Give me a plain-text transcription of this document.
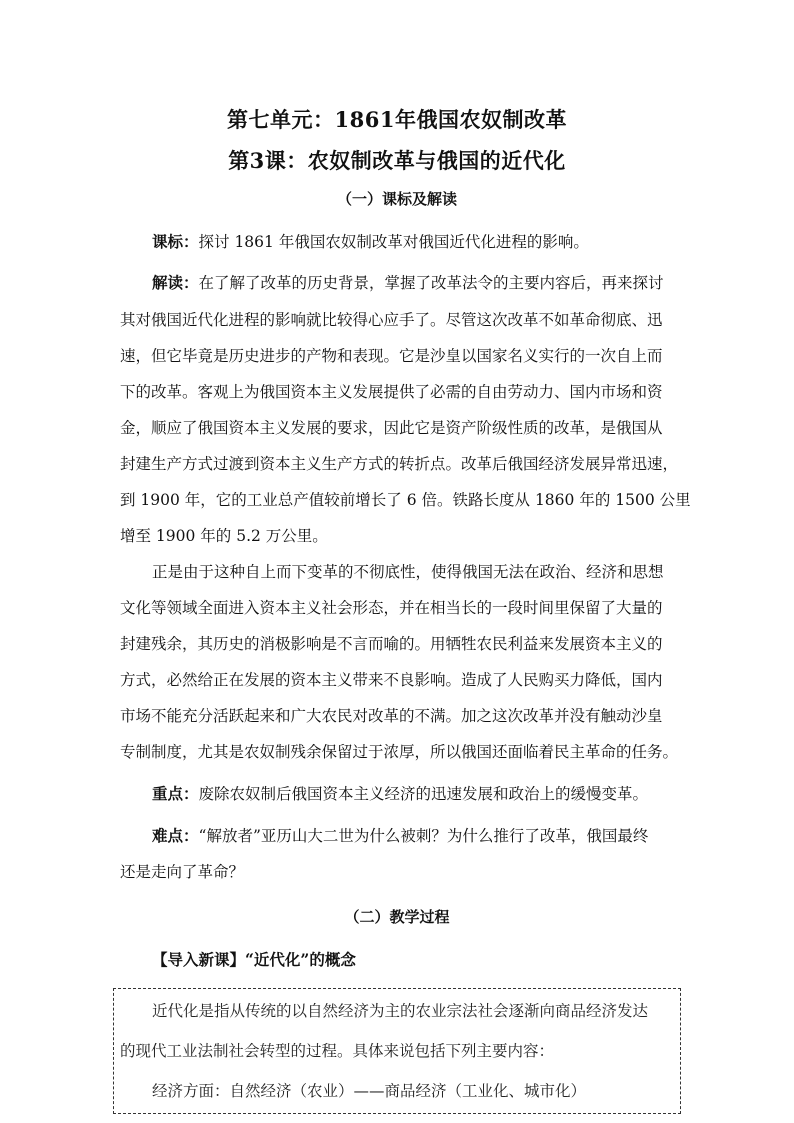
第七单元：1861年俄国农奴制改革
第3课：农奴制改革与俄国的近代化
（一）课标及解读
课标：探讨 1861 年俄国农奴制改革对俄国近代化进程的影响。
解读：在了解了改革的历史背景，掌握了改革法令的主要内容后，再来探讨
其对俄国近代化进程的影响就比较得心应手了。尽管这次改革不如革命彻底、迅
速，但它毕竟是历史进步的产物和表现。它是沙皇以国家名义实行的一次自上而
下的改革。客观上为俄国资本主义发展提供了必需的自由劳动力、国内市场和资
金，顺应了俄国资本主义发展的要求，因此它是资产阶级性质的改革，是俄国从
封建生产方式过渡到资本主义生产方式的转折点。改革后俄国经济发展异常迅速，
到 1900 年，它的工业总产值较前增长了 6 倍。铁路长度从 1860 年的 1500 公里
增至 1900 年的 5.2 万公里。
正是由于这种自上而下变革的不彻底性，使得俄国无法在政治、经济和思想
文化等领域全面进入资本主义社会形态，并在相当长的一段时间里保留了大量的
封建残余，其历史的消极影响是不言而喻的。用牺牲农民利益来发展资本主义的
方式，必然给正在发展的资本主义带来不良影响。造成了人民购买力降低，国内
市场不能充分活跃起来和广大农民对改革的不满。加之这次改革并没有触动沙皇
专制制度，尤其是农奴制残余保留过于浓厚，所以俄国还面临着民主革命的任务。
重点：废除农奴制后俄国资本主义经济的迅速发展和政治上的缓慢变革。
难点：“解放者”亚历山大二世为什么被刺？为什么推行了改革，俄国最终
还是走向了革命？
（二）教学过程
【导入新课】“近代化”的概念
近代化是指从传统的以自然经济为主的农业宗法社会逐渐向商品经济发达
的现代工业法制社会转型的过程。具体来说包括下列主要内容：
经济方面：自然经济（农业）——商品经济（工业化、城市化）
